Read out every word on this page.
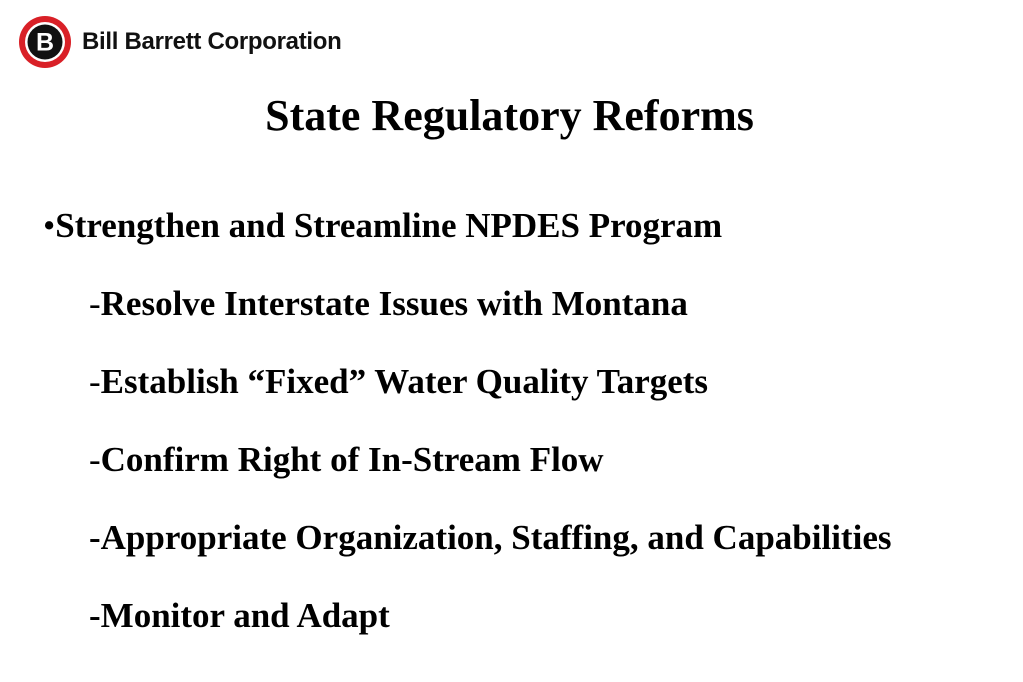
B Bill Barrett Corporation
State Regulatory Reforms
•Strengthen and Streamline NPDES Program
-Resolve Interstate Issues with Montana
-Establish “Fixed” Water Quality Targets
-Confirm Right of In-Stream Flow
-Appropriate Organization, Staffing, and Capabilities
-Monitor and Adapt
